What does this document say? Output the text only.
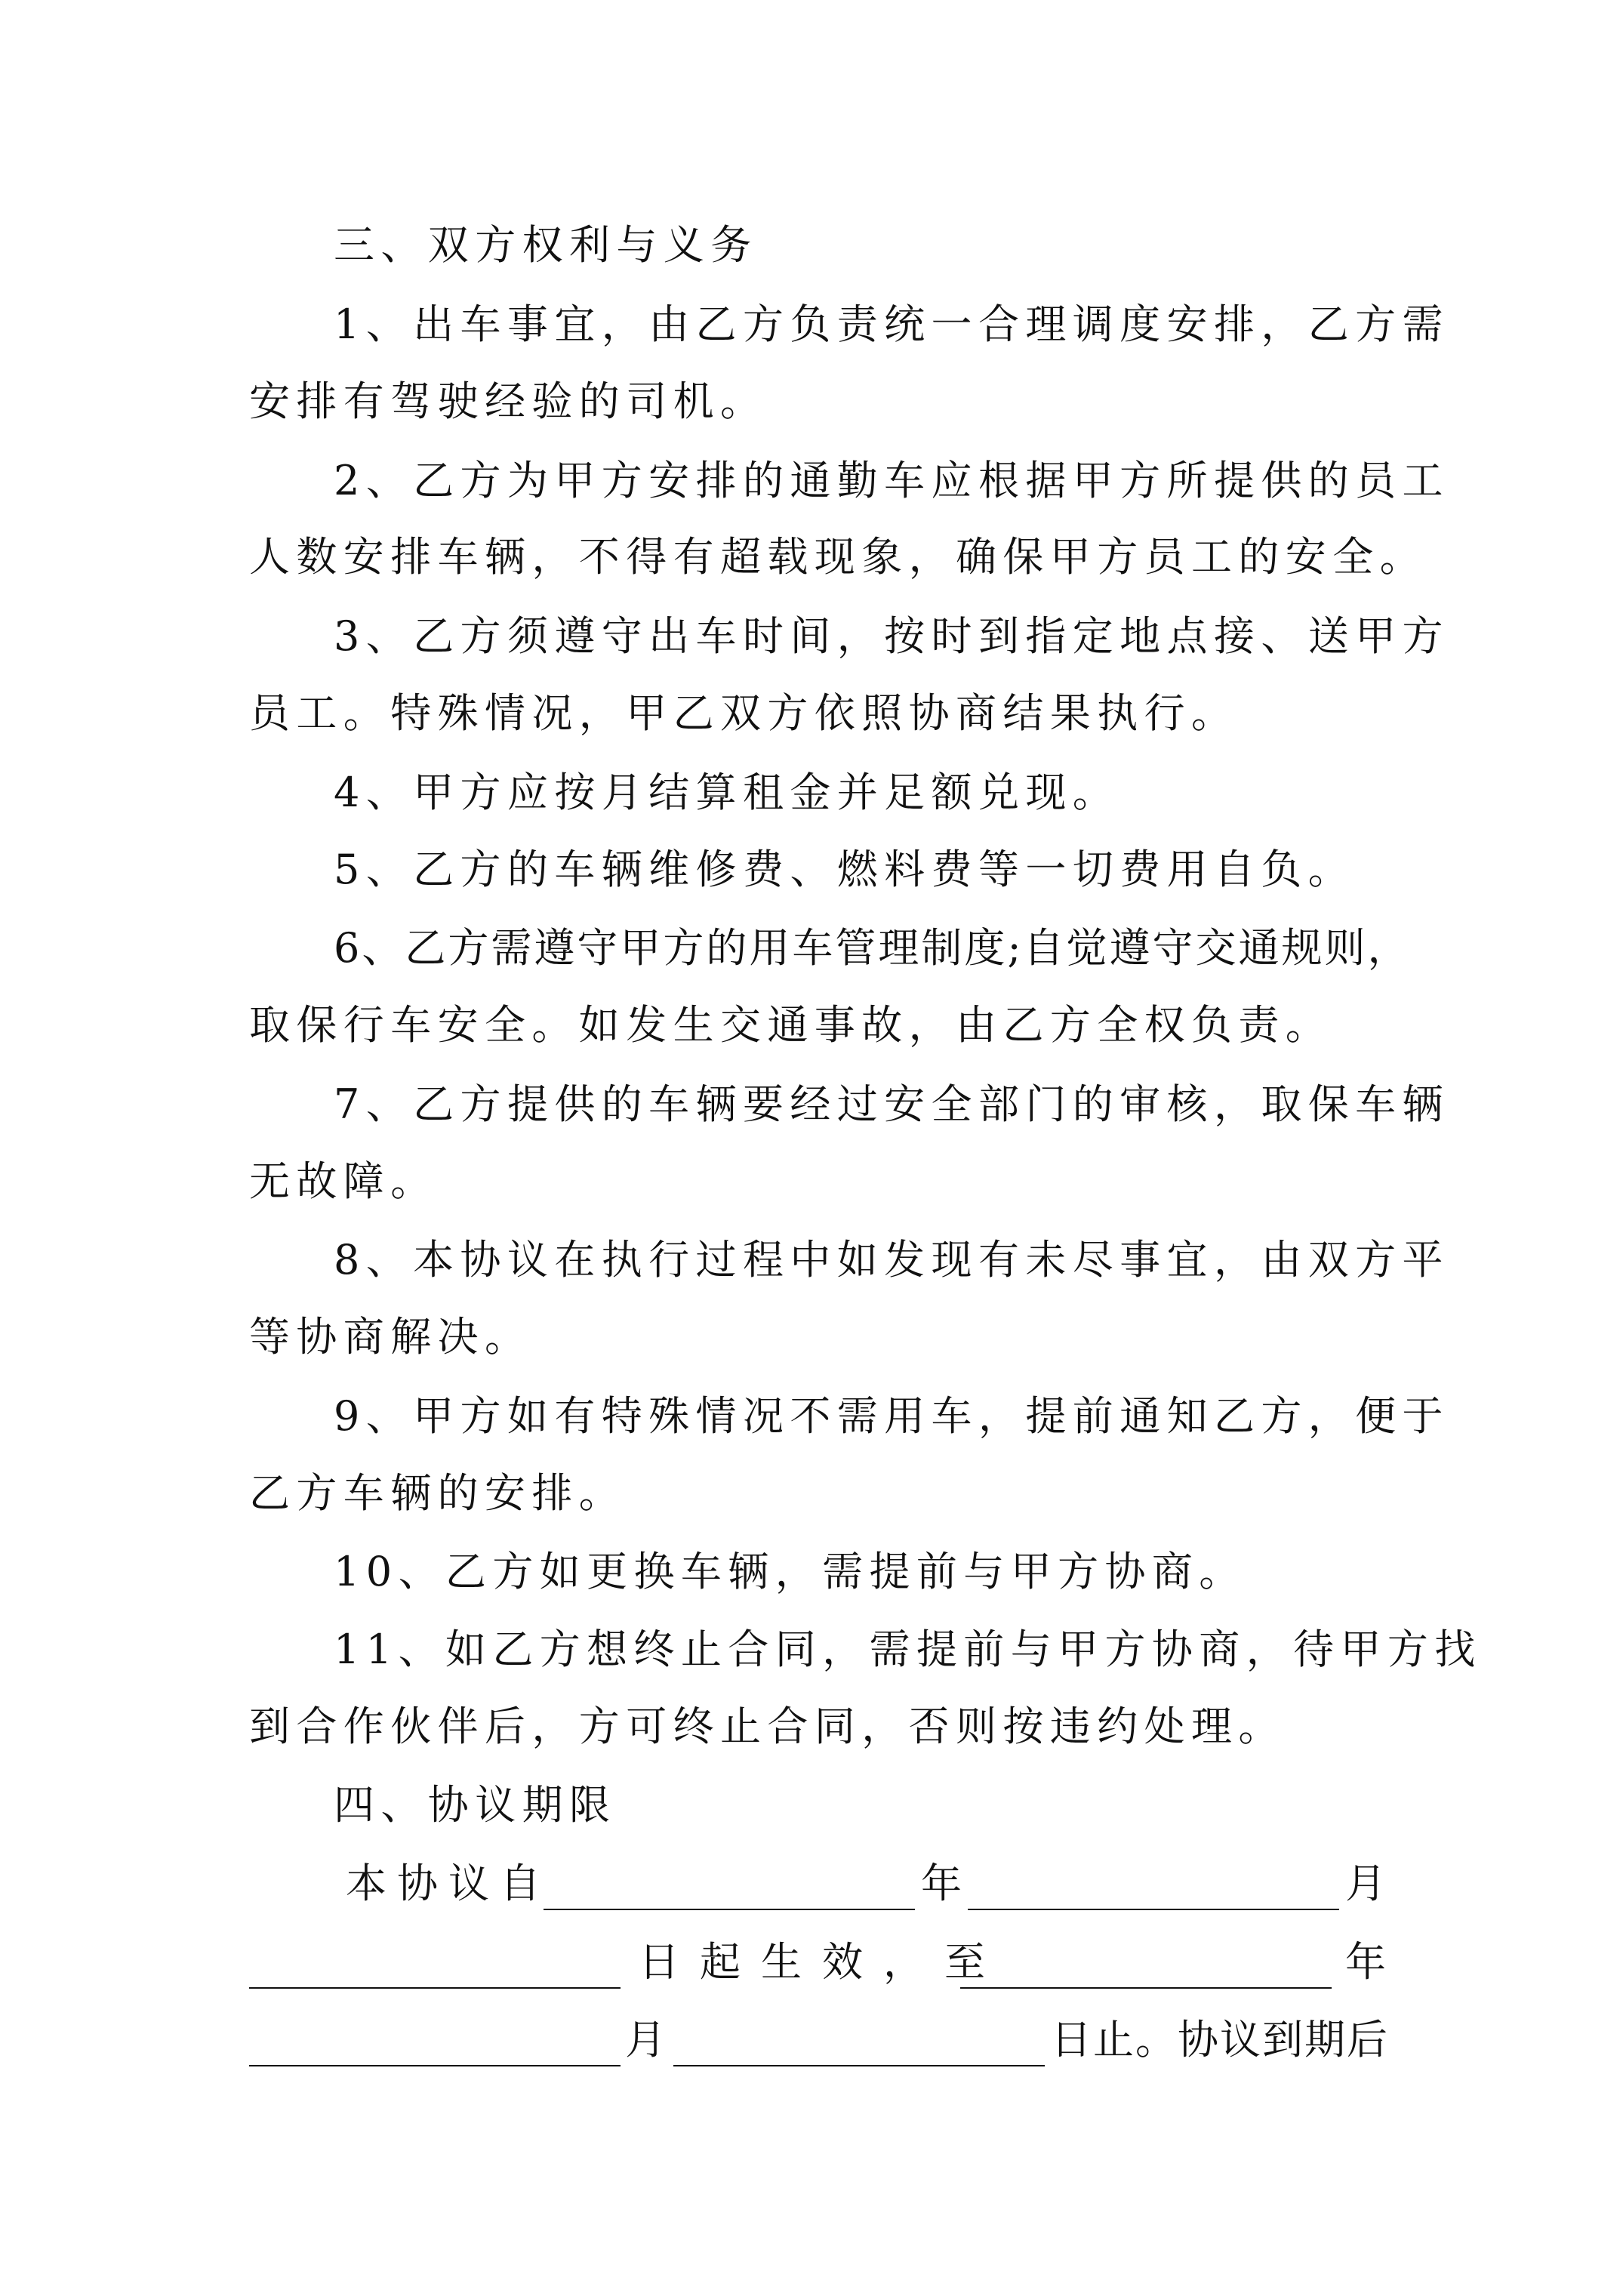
三、双方权利与义务
1、出车事宜，由乙方负责统一合理调度安排，乙方需
安排有驾驶经验的司机。
2、乙方为甲方安排的通勤车应根据甲方所提供的员工
人数安排车辆，不得有超载现象，确保甲方员工的安全。
3、乙方须遵守出车时间，按时到指定地点接、送甲方
员工。特殊情况，甲乙双方依照协商结果执行。
4、甲方应按月结算租金并足额兑现。
5、乙方的车辆维修费、燃料费等一切费用自负。
6、乙方需遵守甲方的用车管理制度;自觉遵守交通规则，
取保行车安全。如发生交通事故，由乙方全权负责。
7、乙方提供的车辆要经过安全部门的审核，取保车辆
无故障。
8、本协议在执行过程中如发现有未尽事宜，由双方平
等协商解决。
9、甲方如有特殊情况不需用车，提前通知乙方，便于
乙方车辆的安排。
10、乙方如更换车辆，需提前与甲方协商。
11、如乙方想终止合同，需提前与甲方协商，待甲方找
到合作伙伴后，方可终止合同，否则按违约处理。
四、协议期限
本协议自	年	月
日起生效，至	年
月	日止。协议到期后
